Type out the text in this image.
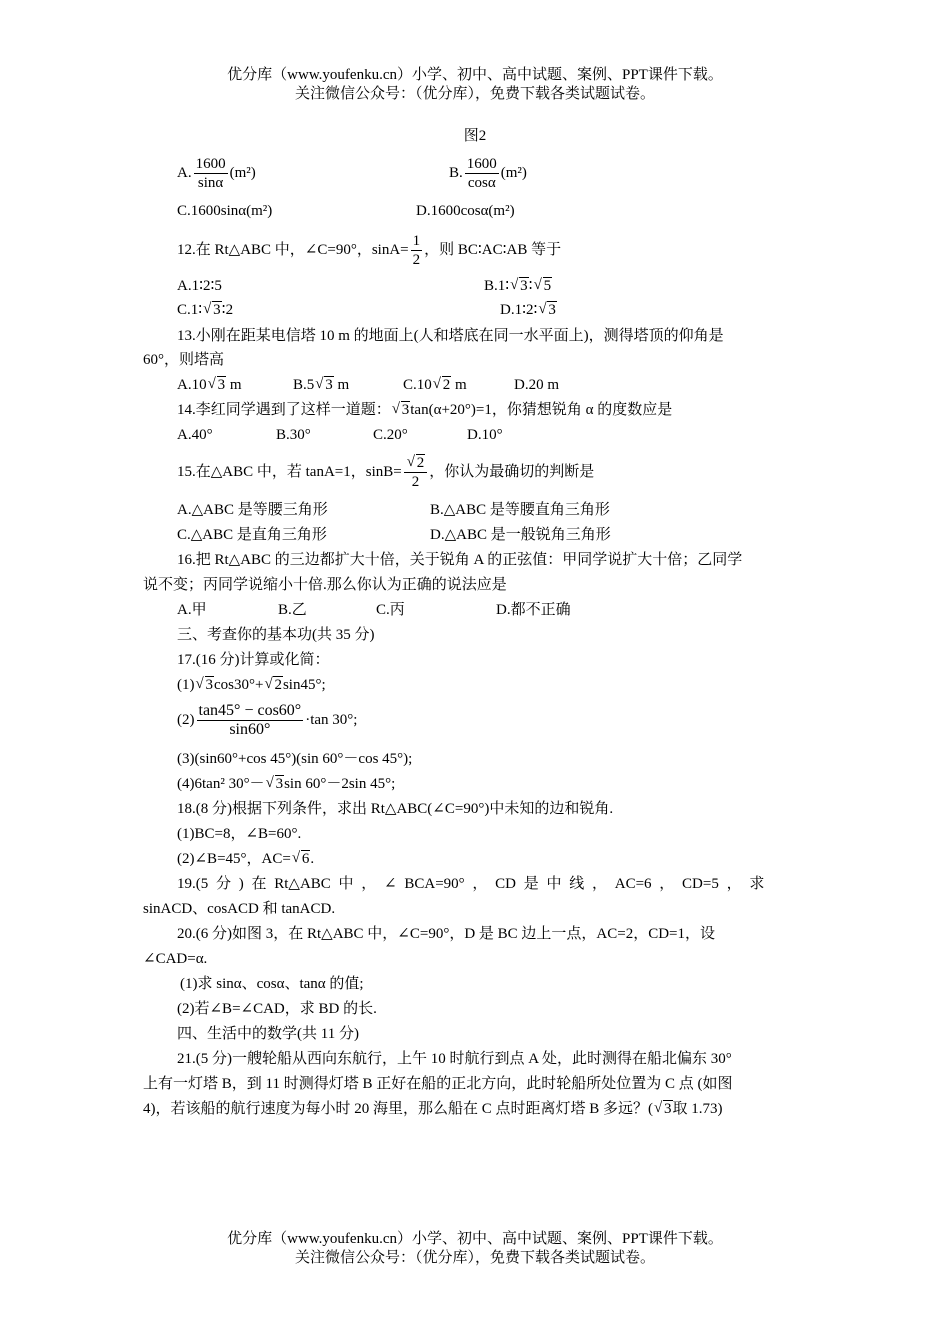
优分库（www.youfenku.cn）小学、初中、高中试题、案例、PPT课件下载。
关注微信公众号：（优分库），免费下载各类试题试卷。
图2
A. $\frac{1600}{\sin\alpha} (m^2)$	B. $\frac{1600}{\cos\alpha} (m^2)$
C.1600sinα(m²)	D.1600cosα(m²)
12.在 Rt△ABC 中，∠C=90°，$\sin A= \frac{1}{2}$ ，则 BC∶AC∶AB 等于
A.1∶2∶5	B.1∶ √ 3∶ √ 5
C.1∶ √ 3∶2	D.1∶2∶ √ 3
13.小刚在距某电信塔 10 m 的地面上(人和塔底在同一水平面上)，测得塔顶的仰角是
60°，则塔高
A.10 √ 3 m	B.5 √ 3 m	C.10 √ 2 m	D.20 m
14.李红同学遇到了这样一道题： √ 3tan(α+20°)=1，你猜想锐角 α 的度数应是
A.40°	B.30°	C.20°	D.10°
15.在△ABC 中，若 tanA=1，sinB= √ $\frac{2}{2}$ ，你认为最确切的判断是
A.△ABC 是等腰三角形	B.△ABC 是等腰直角三角形
C.△ABC 是直角三角形	D.△ABC 是一般锐角三角形
16.把 Rt△ABC 的三边都扩大十倍，关于锐角 A 的正弦值：甲同学说扩大十倍；乙同学
说不变；丙同学说缩小十倍.那么你认为正确的说法应是
A.甲	B.乙	C.丙	D.都不正确
三、考查你的基本功(共 35 分)
17.(16 分)计算或化简：
(1) √ 3cos30°+ √ 2sin45°;
$(2) \frac{\tan 45^\circ - \cos 60^\circ}{\sin 60^\circ} \cdot\tan$ 30°;
(3)(sin60°+cos 45°)(sin 60°－cos 45°);
(4)6tan² 30°－ √ 3sin 60°－2sin 45°;
18.(8 分)根据下列条件，求出 Rt△ABC(∠C=90°)中未知的边和锐角.
(1)BC=8，∠B=60°.
(2)∠B=45°，AC= √ 6.
19.(5 分 ) 在 Rt△ABC 中 ， ∠ BCA=90° ， CD 是 中 线 ， AC=6 ， CD=5 ， 求
sinACD、cosACD 和 tanACD.
20.(6 分)如图 3，在 Rt△ABC 中，∠C=90°，D 是 BC 边上一点，AC=2，CD=1，设
∠CAD=α.
(1)求 sinα、cosα、tanα 的值;
(2)若∠B=∠CAD，求 BD 的长.
四、生活中的数学(共 11 分)
21.(5 分)一艘轮船从西向东航行，上午 10 时航行到点 A 处，此时测得在船北偏东 30°
上有一灯塔 B，到 11 时测得灯塔 B 正好在船的正北方向，此时轮船所处位置为 C 点 (如图
4)，若该船的航行速度为每小时 20 海里，那么船在 C 点时距离灯塔 B 多远？( √ 3取 1.73)
优分库（www.youfenku.cn）小学、初中、高中试题、案例、PPT课件下载。
关注微信公众号：（优分库），免费下载各类试题试卷。
